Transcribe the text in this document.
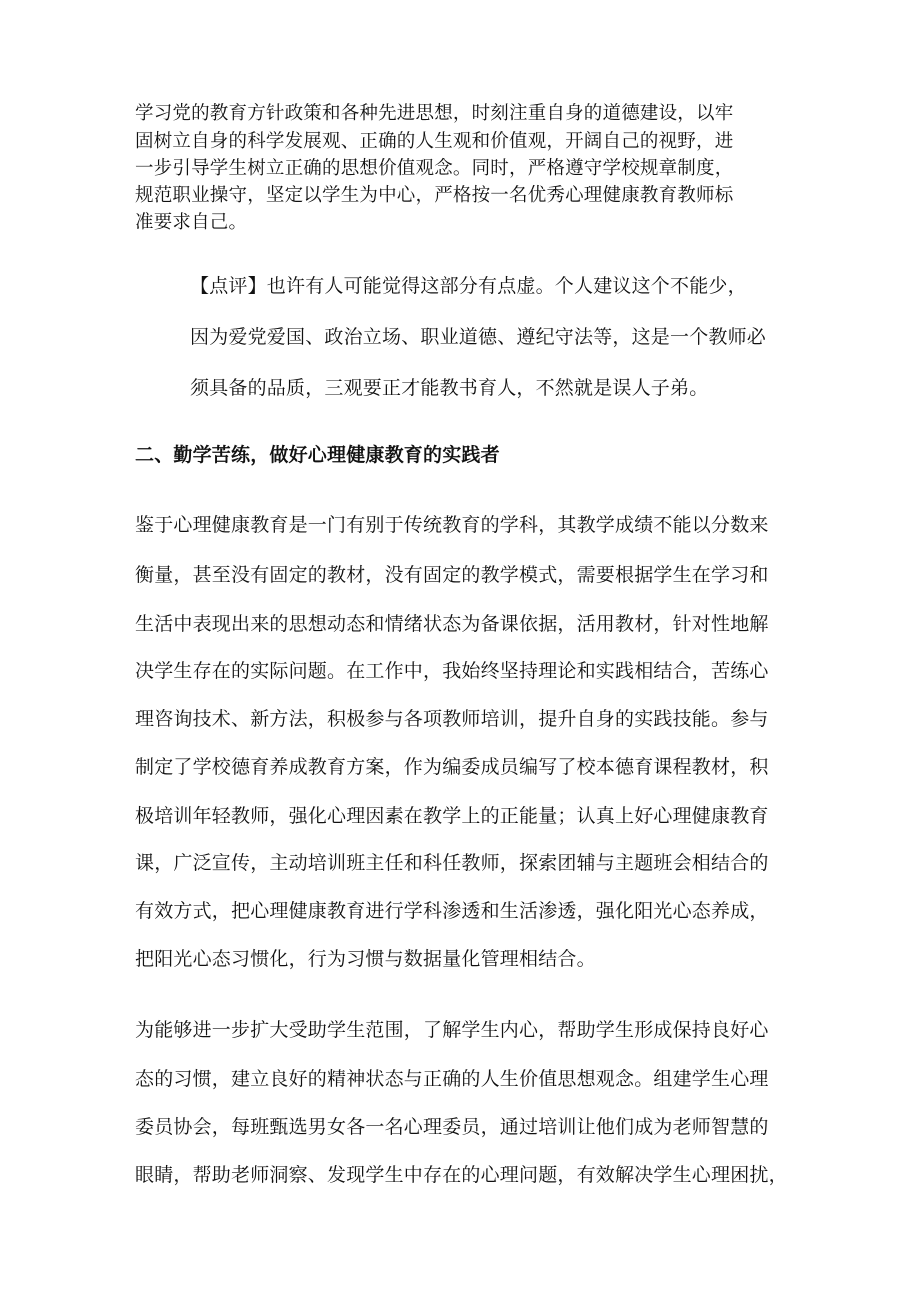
学习党的教育方针政策和各种先进思想，时刻注重自身的道德建设，以牢

固树立自身的科学发展观、正确的人生观和价值观，开阔自己的视野，进

一步引导学生树立正确的思想价值观念。同时，严格遵守学校规章制度，

规范职业操守，坚定以学生为中心，严格按一名优秀心理健康教育教师标

准要求自己。

【点评】也许有人可能觉得这部分有点虚。个人建议这个不能少，

因为爱党爱国、政治立场、职业道德、遵纪守法等，这是一个教师必

须具备的品质，三观要正才能教书育人，不然就是误人子弟。

二、勤学苦练，做好心理健康教育的实践者

鉴于心理健康教育是一门有别于传统教育的学科，其教学成绩不能以分数来

衡量，甚至没有固定的教材，没有固定的教学模式，需要根据学生在学习和

生活中表现出来的思想动态和情绪状态为备课依据，活用教材，针对性地解

决学生存在的实际问题。在工作中，我始终坚持理论和实践相结合，苦练心

理咨询技术、新方法，积极参与各项教师培训，提升自身的实践技能。参与

制定了学校德育养成教育方案，作为编委成员编写了校本德育课程教材，积

极培训年轻教师，强化心理因素在教学上的正能量；认真上好心理健康教育

课，广泛宣传，主动培训班主任和科任教师，探索团辅与主题班会相结合的

有效方式，把心理健康教育进行学科渗透和生活渗透，强化阳光心态养成，

把阳光心态习惯化，行为习惯与数据量化管理相结合。

为能够进一步扩大受助学生范围，了解学生内心，帮助学生形成保持良好心

态的习惯，建立良好的精神状态与正确的人生价值思想观念。组建学生心理

委员协会，每班甄选男女各一名心理委员，通过培训让他们成为老师智慧的

眼睛，帮助老师洞察、发现学生中存在的心理问题，有效解决学生心理困扰，
